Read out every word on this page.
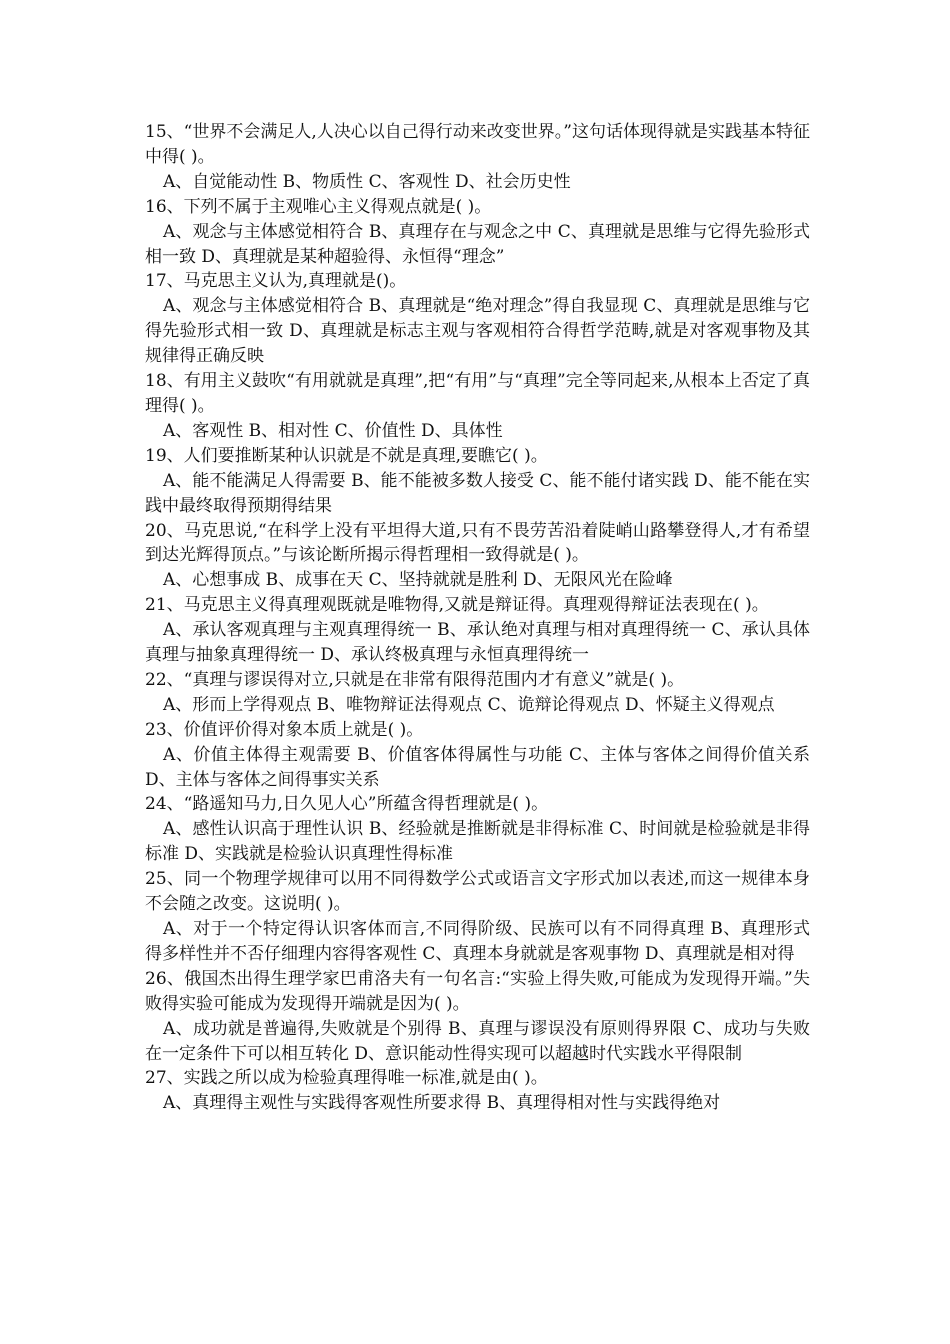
15、“世界不会满足人,人决心以自己得行动来改变世界。”这句话体现得就是实践基本特征中得( )。

A、自觉能动性 B、物质性 C、客观性 D、社会历史性

16、下列不属于主观唯心主义得观点就是( )。

A、观念与主体感觉相符合 B、真理存在与观念之中 C、真理就是思维与它得先验形式相一致 D、真理就是某种超验得、永恒得“理念”

17、马克思主义认为,真理就是()。

A、观念与主体感觉相符合 B、真理就是“绝对理念”得自我显现 C、真理就是思维与它得先验形式相一致 D、真理就是标志主观与客观相符合得哲学范畴,就是对客观事物及其规律得正确反映

18、有用主义鼓吹“有用就就是真理”,把“有用”与“真理”完全等同起来,从根本上否定了真理得( )。

A、客观性 B、相对性 C、价值性 D、具体性

19、人们要推断某种认识就是不就是真理,要瞧它( )。

A、能不能满足人得需要 B、能不能被多数人接受 C、能不能付诸实践 D、能不能在实践中最终取得预期得结果

20、马克思说,“在科学上没有平坦得大道,只有不畏劳苦沿着陡峭山路攀登得人,才有希望到达光辉得顶点。”与该论断所揭示得哲理相一致得就是( )。

A、心想事成 B、成事在天 C、坚持就就是胜利 D、无限风光在险峰

21、马克思主义得真理观既就是唯物得,又就是辩证得。真理观得辩证法表现在( )。

A、承认客观真理与主观真理得统一 B、承认绝对真理与相对真理得统一 C、承认具体真理与抽象真理得统一 D、承认终极真理与永恒真理得统一

22、“真理与谬误得对立,只就是在非常有限得范围内才有意义”就是( )。

A、形而上学得观点 B、唯物辩证法得观点 C、诡辩论得观点 D、怀疑主义得观点

23、价值评价得对象本质上就是( )。

A、价值主体得主观需要 B、价值客体得属性与功能 C、主体与客体之间得价值关系 D、主体与客体之间得事实关系

24、“路遥知马力,日久见人心”所蕴含得哲理就是( )。

A、感性认识高于理性认识 B、经验就是推断就是非得标准 C、时间就是检验就是非得标准 D、实践就是检验认识真理性得标准

25、同一个物理学规律可以用不同得数学公式或语言文字形式加以表述,而这一规律本身不会随之改变。这说明( )。

A、对于一个特定得认识客体而言,不同得阶级、民族可以有不同得真理 B、真理形式得多样性并不否仔细理内容得客观性 C、真理本身就就是客观事物 D、真理就是相对得

26、俄国杰出得生理学家巴甫洛夫有一句名言:“实验上得失败,可能成为发现得开端。”失败得实验可能成为发现得开端就是因为( )。

A、成功就是普遍得,失败就是个别得 B、真理与谬误没有原则得界限 C、成功与失败在一定条件下可以相互转化 D、意识能动性得实现可以超越时代实践水平得限制

27、实践之所以成为检验真理得唯一标准,就是由( )。

A、真理得主观性与实践得客观性所要求得 B、真理得相对性与实践得绝对
